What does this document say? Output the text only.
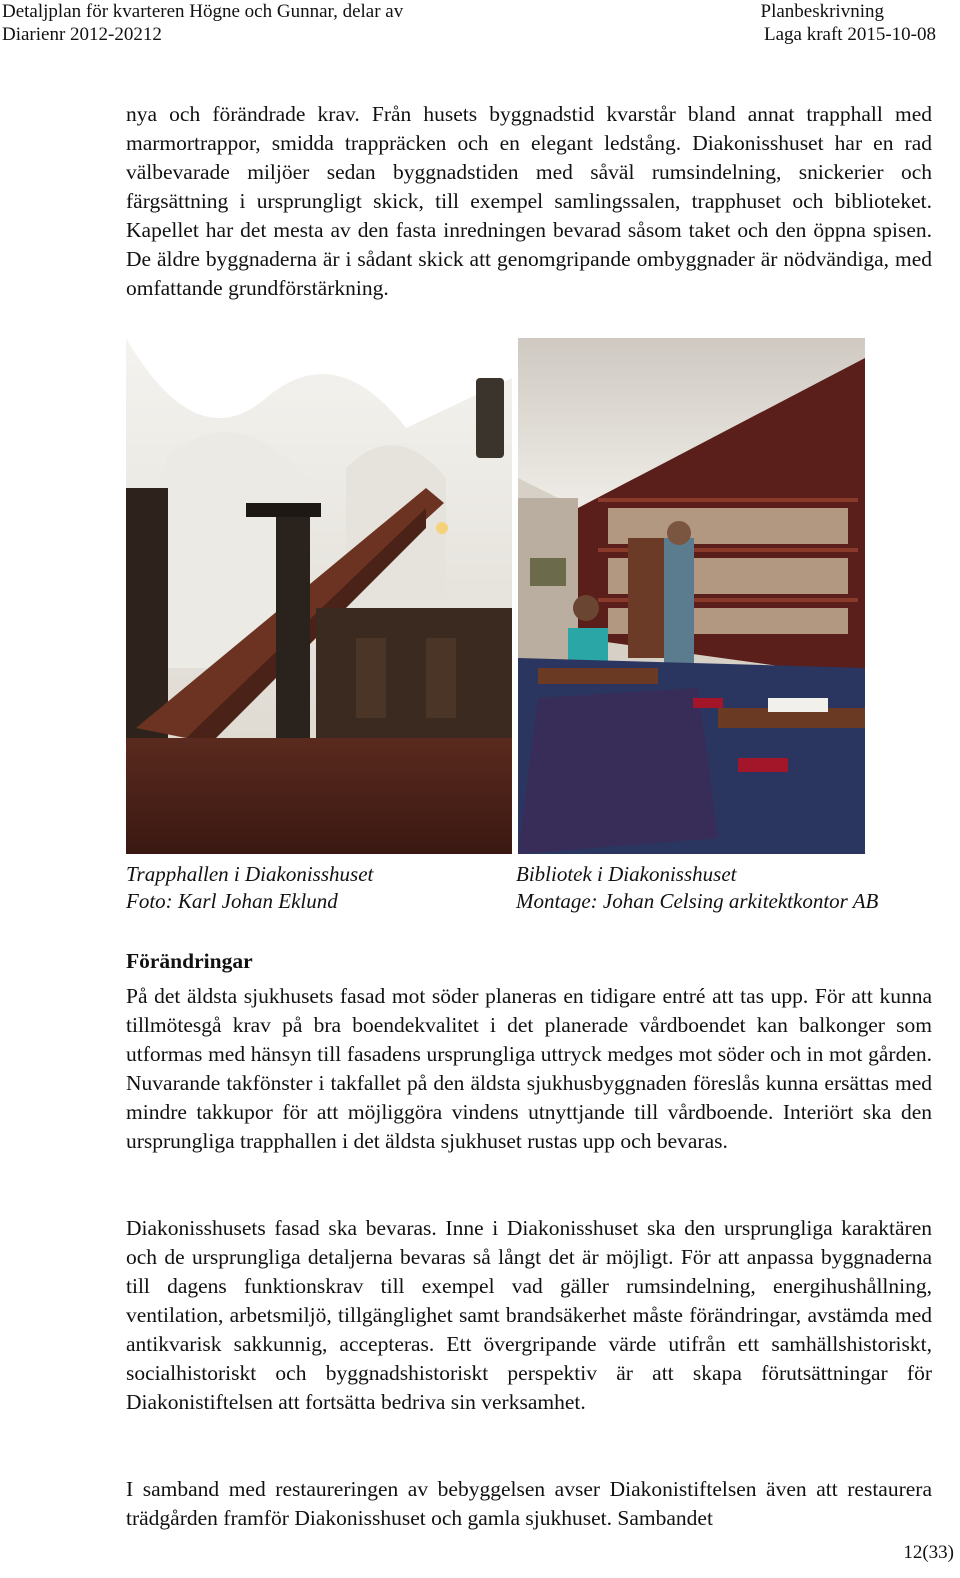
Detaljplan för kvarteren Högne och Gunnar, delar av
Diarienr 2012-20212
Planbeskrivning
Laga kraft 2015-10-08

nya och förändrade krav. Från husets byggnadstid kvarstår bland annat trapphall med marmortrappor, smidda trappräcken och en elegant ledstång. Diakonisshuset har en rad välbevarade miljöer sedan byggnadstiden med såväl rumsindelning, snickerier och färgsättning i ursprungligt skick, till exempel samlingssalen, trapphuset och biblioteket. Kapellet har det mesta av den fasta inredningen bevarad såsom taket och den öppna spisen. De äldre byggnaderna är i sådant skick att genomgripande ombyggnader är nödvändiga, med omfattande grundförstärkning.

Trapphallen i Diakonisshuset
Foto: Karl Johan Eklund
Bibliotek i Diakonisshuset
Montage: Johan Celsing arkitektkontor AB
Förändringar

På det äldsta sjukhusets fasad mot söder planeras en tidigare entré att tas upp. För att kunna tillmötesgå krav på bra boendekvalitet i det planerade vårdboendet kan balkonger som utformas med hänsyn till fasadens ursprungliga uttryck medges mot söder och in mot gården. Nuvarande takfönster i takfallet på den äldsta sjukhusbyggnaden föreslås kunna ersättas med mindre takkupor för att möjliggöra vindens utnyttjande till vårdboende. Interiört ska den ursprungliga trapphallen i det äldsta sjukhuset rustas upp och bevaras.

Diakonisshusets fasad ska bevaras. Inne i Diakonisshuset ska den ursprungliga karaktären och de ursprungliga detaljerna bevaras så långt det är möjligt. För att anpassa byggnaderna till dagens funktionskrav till exempel vad gäller rumsindelning, energihushållning, ventilation, arbetsmiljö, tillgänglighet samt brandsäkerhet måste förändringar, avstämda med antikvarisk sakkunnig, accepteras. Ett övergripande värde utifrån ett samhällshistoriskt, socialhistoriskt och byggnadshistoriskt perspektiv är att skapa förutsättningar för Diakonistiftelsen att fortsätta bedriva sin verksamhet.

I samband med restaureringen av bebyggelsen avser Diakonistiftelsen även att restaurera trädgården framför Diakonisshuset och gamla sjukhuset. Sambandet

12(33)
